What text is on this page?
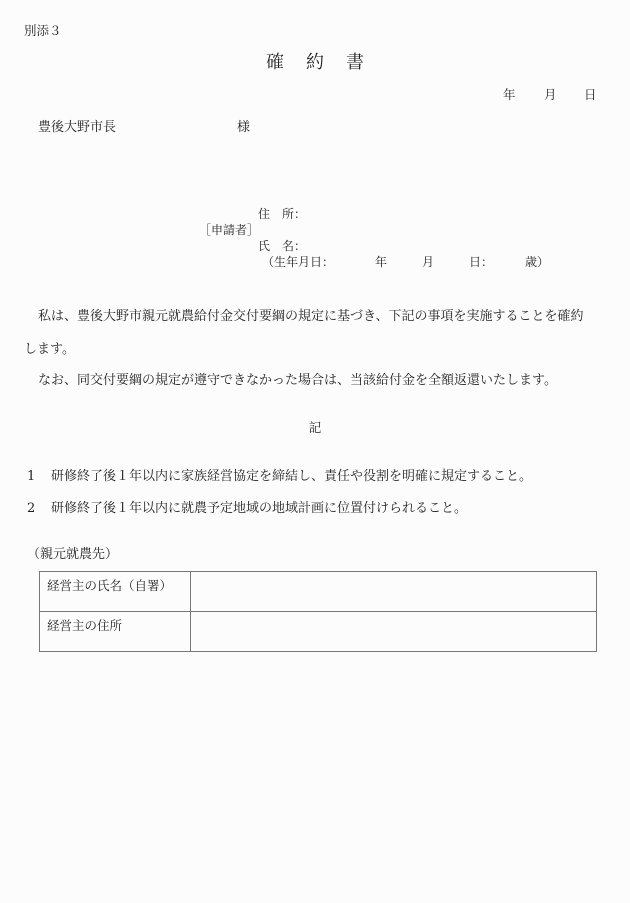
別添３
確 約 書
年 月 日
豊後大野市長	様
住　所：
［申請者］
氏　名：
（生年月日：	年	月	日：	歳）
私は、豊後大野市親元就農給付金交付要綱の規定に基づき、下記の事項を実施することを確約
します。
なお、同交付要綱の規定が遵守できなかった場合は、当該給付金を全額返還いたします。
記
1 研修終了後１年以内に家族経営協定を締結し、責任や役割を明確に規定すること。
2 研修終了後１年以内に就農予定地域の地域計画に位置付けられること。
（親元就農先）
経営主の氏名（自署）	
経営主の住所	
